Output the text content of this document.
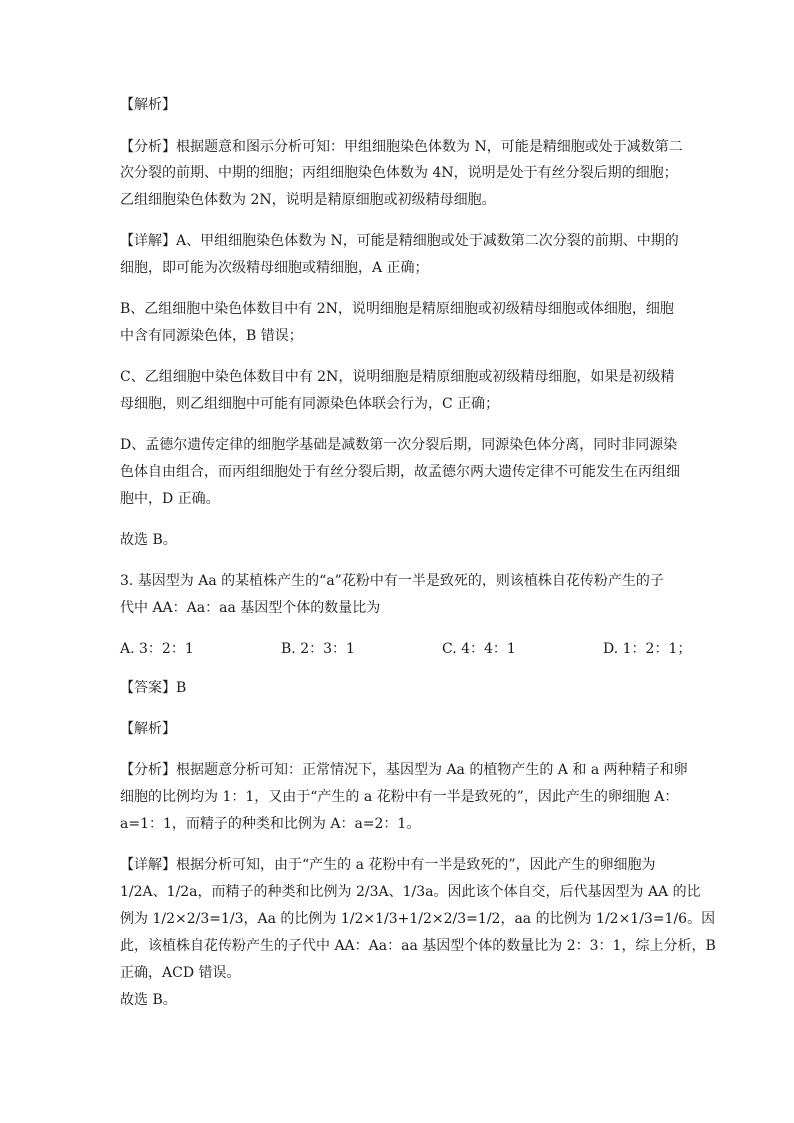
【解析】
【分析】根据题意和图示分析可知：甲组细胞染色体数为 N，可能是精细胞或处于减数第二
次分裂的前期、中期的细胞；丙组细胞染色体数为 4N，说明是处于有丝分裂后期的细胞；
乙组细胞染色体数为 2N，说明是精原细胞或初级精母细胞。
【详解】A、甲组细胞染色体数为 N，可能是精细胞或处于减数第二次分裂的前期、中期的
细胞，即可能为次级精母细胞或精细胞，A 正确；
B、乙组细胞中染色体数目中有 2N，说明细胞是精原细胞或初级精母细胞或体细胞，细胞
中含有同源染色体，B 错误；
C、乙组细胞中染色体数目中有 2N，说明细胞是精原细胞或初级精母细胞，如果是初级精
母细胞，则乙组细胞中可能有同源染色体联会行为，C 正确；
D、孟德尔遗传定律的细胞学基础是减数第一次分裂后期，同源染色体分离，同时非同源染
色体自由组合，而丙组细胞处于有丝分裂后期，故孟德尔两大遗传定律不可能发生在丙组细
胞中，D 正确。
故选 B。
3. 基因型为 Aa 的某植株产生的“a”花粉中有一半是致死的，则该植株自花传粉产生的子
代中 AA：Aa：aa 基因型个体的数量比为
A. 3：2：1	B. 2：3：1	C. 4：4：1	D. 1：2：1；
【答案】B
【解析】
【分析】根据题意分析可知：正常情况下，基因型为 Aa 的植物产生的 A 和 a 两种精子和卵
细胞的比例均为 1：1，又由于“产生的 a 花粉中有一半是致死的”，因此产生的卵细胞 A：
a=1：1，而精子的种类和比例为 A：a=2：1。
【详解】根据分析可知，由于“产生的 a 花粉中有一半是致死的”，因此产生的卵细胞为
1/2A、1/2a，而精子的种类和比例为 2/3A、1/3a。因此该个体自交，后代基因型为 AA 的比
例为 1/2×2/3=1/3，Aa 的比例为 1/2×1/3+1/2×2/3=1/2，aa 的比例为 1/2×1/3=1/6。因
此，该植株自花传粉产生的子代中 AA：Aa：aa 基因型个体的数量比为 2：3：1，综上分析，B
正确，ACD 错误。
故选 B。
